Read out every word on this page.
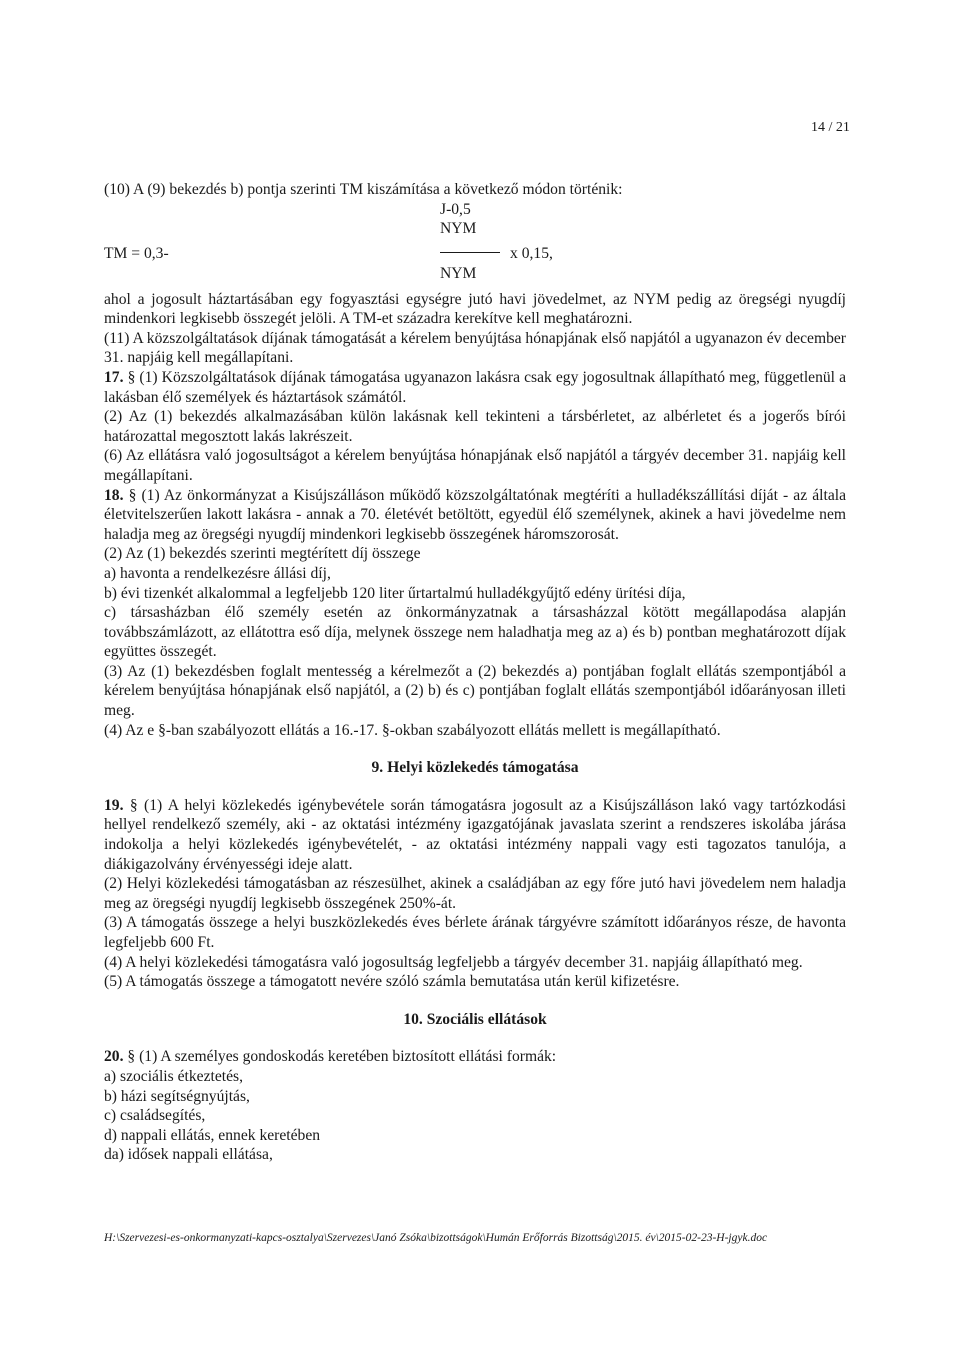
14 / 21

(10) A (9) bekezdés b) pontja szerinti TM kiszámítása a következő módon történik:

J-0,5
NYM
TM = 0,3-	x 0,15,
NYM

ahol a jogosult háztartásában egy fogyasztási egységre jutó havi jövedelmet, az NYM pedig az öregségi nyugdíj mindenkori legkisebb összegét jelöli. A TM-et századra kerekítve kell meghatározni.

(11) A közszolgáltatások díjának támogatását a kérelem benyújtása hónapjának első napjától a ugyanazon év december 31. napjáig kell megállapítani.

17. § (1) Közszolgáltatások díjának támogatása ugyanazon lakásra csak egy jogosultnak állapítható meg, függetlenül a lakásban élő személyek és háztartások számától.

(2) Az (1) bekezdés alkalmazásában külön lakásnak kell tekinteni a társbérletet, az albérletet és a jogerős bírói határozattal megosztott lakás lakrészeit.

(6) Az ellátásra való jogosultságot a kérelem benyújtása hónapjának első napjától a tárgyév december 31. napjáig kell megállapítani.

18. § (1) Az önkormányzat a Kisújszálláson működő közszolgáltatónak megtéríti a hulladékszállítási díját - az általa életvitelszerűen lakott lakásra - annak a 70. életévét betöltött, egyedül élő személynek, akinek a havi jövedelme nem haladja meg az öregségi nyugdíj mindenkori legkisebb összegének háromszorosát.

(2) Az (1) bekezdés szerinti megtérített díj összege

a) havonta a rendelkezésre állási díj,

b) évi tizenkét alkalommal a legfeljebb 120 liter űrtartalmú hulladékgyűjtő edény ürítési díja,

c) társasházban élő személy esetén az önkormányzatnak a társasházzal kötött megállapodása alapján továbbszámlázott, az ellátottra eső díja, melynek összege nem haladhatja meg az a) és b) pontban meghatározott díjak együttes összegét.

(3) Az (1) bekezdésben foglalt mentesség a kérelmezőt a (2) bekezdés a) pontjában foglalt ellátás szempontjából a kérelem benyújtása hónapjának első napjától, a (2) b) és c) pontjában foglalt ellátás szempontjából időarányosan illeti meg.

(4) Az e §-ban szabályozott ellátás a 16.-17. §-okban szabályozott ellátás mellett is megállapítható.

9. Helyi közlekedés támogatása

19. § (1) A helyi közlekedés igénybevétele során támogatásra jogosult az a Kisújszálláson lakó vagy tartózkodási hellyel rendelkező személy, aki - az oktatási intézmény igazgatójának javaslata szerint a rendszeres iskolába járása indokolja a helyi közlekedés igénybevételét, - az oktatási intézmény nappali vagy esti tagozatos tanulója, a diákigazolvány érvényességi ideje alatt.

(2) Helyi közlekedési támogatásban az részesülhet, akinek a családjában az egy főre jutó havi jövedelem nem haladja meg az öregségi nyugdíj legkisebb összegének 250%-át.

(3) A támogatás összege a helyi buszközlekedés éves bérlete árának tárgyévre számított időarányos része, de havonta legfeljebb 600 Ft.

(4) A helyi közlekedési támogatásra való jogosultság legfeljebb a tárgyév december 31. napjáig állapítható meg.

(5) A támogatás összege a támogatott nevére szóló számla bemutatása után kerül kifizetésre.

10. Szociális ellátások

20. § (1) A személyes gondoskodás keretében biztosított ellátási formák:

a) szociális étkeztetés,

b) házi segítségnyújtás,

c) családsegítés,

d) nappali ellátás, ennek keretében

da) idősek nappali ellátása,

H:\Szervezesi-es-onkormanyzati-kapcs-osztalya\Szervezes\Janó Zsóka\bizottságok\Humán Erőforrás Bizottság\2015. év\2015-02-23-H-jgyk.doc
